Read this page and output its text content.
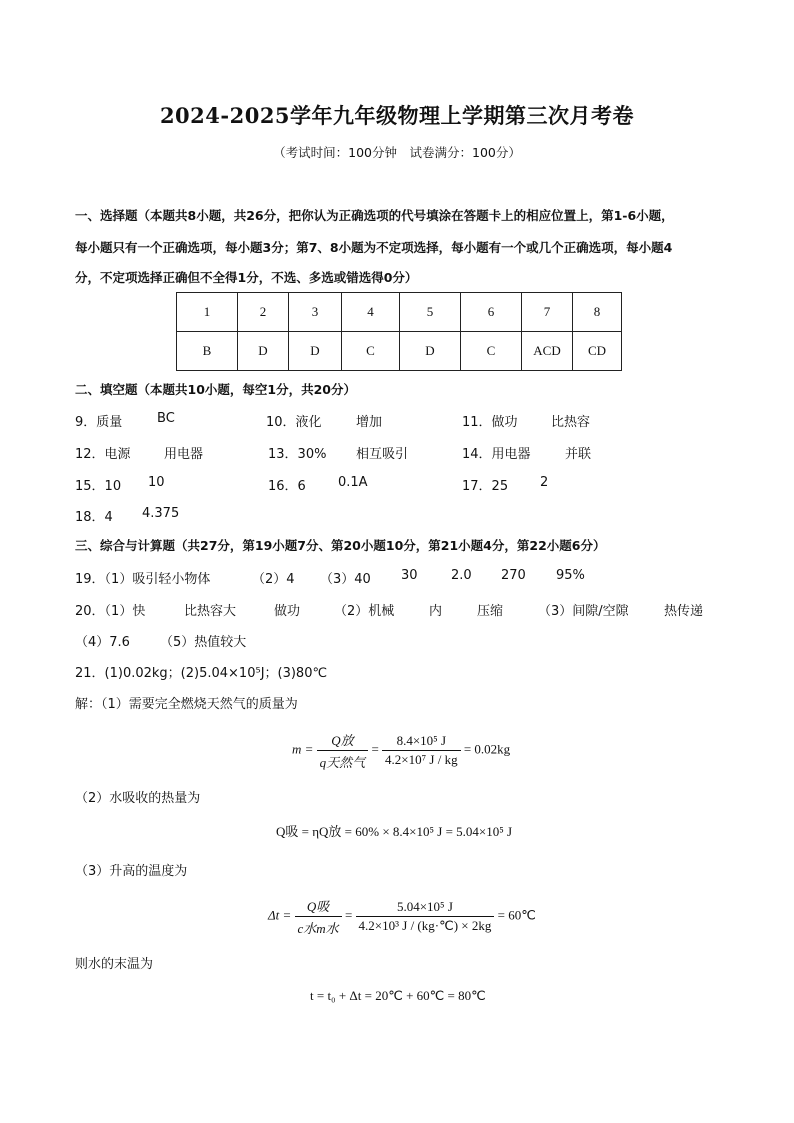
2024-2025学年九年级物理上学期第三次月考卷
（考试时间：100分钟　试卷满分：100分）
一、选择题（本题共8小题，共26分，把你认为正确选项的代号填涂在答题卡上的相应位置上，第1-6小题，
每小题只有一个正确选项，每小题3分；第7、8小题为不定项选择，每小题有一个或几个正确选项，每小题4
分，不定项选择正确但不全得1分，不选、多选或错选得0分）
1	2	3	4	5	6	7	8
B	D	D	C	D	C	ACD	CD
二、填空题（本题共10小题，每空1分，共20分）
9．质量	BC	10．液化	增加	11．做功	比热容
12．电源	用电器	13．30% 相互吸引	14．用电器	并联
15．10 10	16．6 0.1A	17．25 2
18．4 4.375
三、综合与计算题（共27分，第19小题7分、第20小题10分，第21小题4分，第22小题6分）
19．（1）吸引轻小物体	（2）4 （3）40 30	2.0 270 95%
20．（1）快	比热容大	做功	（2）机械	内	压缩	（3）间隙/空隙	热传递
（4）7.6 （5）热值较大
21．(1)0.02kg；(2)5.04×10⁵J；(3)80℃
解：（1）需要完全燃烧天然气的质量为
$m = \frac{\text{Q放}}{\text{q天然气}} = \frac{\text{8.4×10⁵ J}}{\text{4.2×10⁷ J / kg}} = 0.02kg$
（2）水吸收的热量为
Q吸 = ηQ放 = 60% × 8.4×10⁵ J = 5.04×10⁵ J
（3）升高的温度为
$\Delta t = \frac{\text{Q吸}}{\text{c水m水}} = \frac{\text{5.04×10⁵ J}}{\text{4.2×10³ J / (kg·℃) × 2kg}}$ = 60℃
则水的末温为
t = t₀ + Δt = 20℃ + 60℃ = 80℃
